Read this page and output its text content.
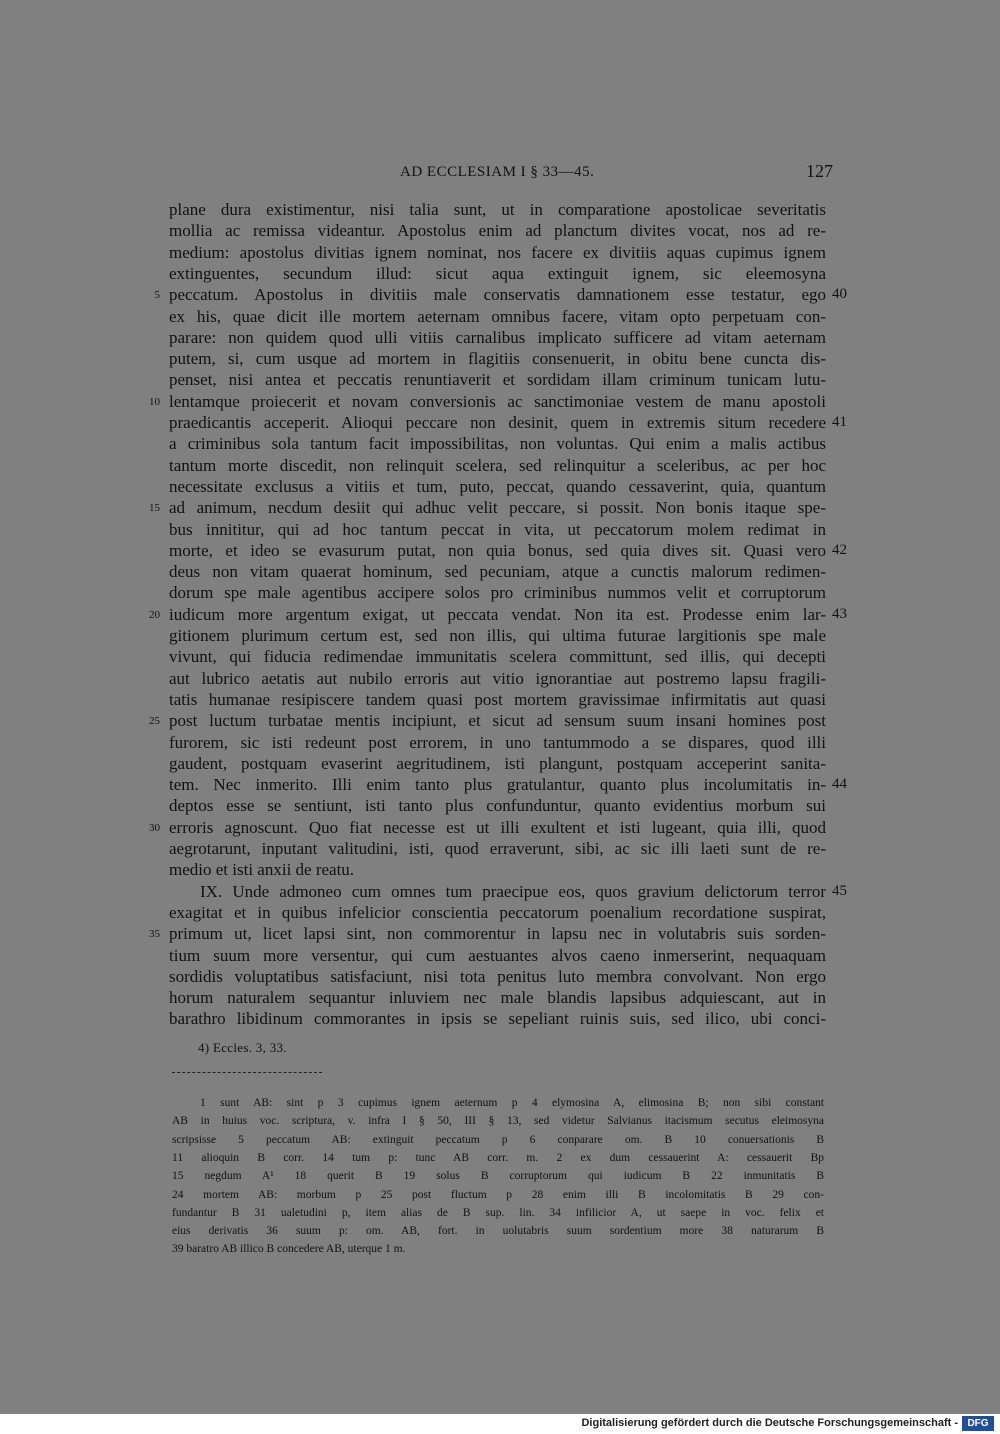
AD ECCLESIAM I § 33—45.	127
plane dura existimentur, nisi talia sunt, ut in comparatione apostolicae severitatis
mollia ac remissa videantur. Apostolus enim ad planctum divites vocat, nos ad re-
medium: apostolus divitias ignem nominat, nos facere ex divitiis aquas cupimus ignem
extinguentes, secundum illud: sicut aqua extinguit ignem, sic eleemosyna
peccatum. Apostolus in divitiis male conservatis damnationem esse testatur, ego
5	40
ex his, quae dicit ille mortem aeternam omnibus facere, vitam opto perpetuam con-
parare: non quidem quod ulli vitiis carnalibus implicato sufficere ad vitam aeternam
putem, si, cum usque ad mortem in flagitiis consenuerit, in obitu bene cuncta dis-
penset, nisi antea et peccatis renuntiaverit et sordidam illam criminum tunicam lutu-
lentamque proiecerit et novam conversionis ac sanctimoniae vestem de manu apostoli
10
praedicantis acceperit. Alioqui peccare non desinit, quem in extremis situm recedere 41
a criminibus sola tantum facit impossibilitas, non voluntas. Qui enim a malis actibus
tantum morte discedit, non relinquit scelera, sed relinquitur a sceleribus, ac per hoc
necessitate exclusus a vitiis et tum, puto, peccat, quando cessaverint, quia, quantum
ad animum, necdum desiit qui adhuc velit peccare, si possit. Non bonis itaque spe-
15
bus innititur, qui ad hoc tantum peccat in vita, ut peccatorum molem redimat in
morte, et ideo se evasurum putat, non quia bonus, sed quia dives sit. Quasi vero 42
deus non vitam quaerat hominum, sed pecuniam, atque a cunctis malorum redimen-
dorum spe male agentibus accipere solos pro criminibus nummos velit et corruptorum
iudicum more argentum exigat, ut peccata vendat. Non ita est. Prodesse enim lar-
20	43
gitionem plurimum certum est, sed non illis, qui ultima futurae largitionis spe male
vivunt, qui fiducia redimendae immunitatis scelera committunt, sed illis, qui decepti
aut lubrico aetatis aut nubilo erroris aut vitio ignorantiae aut postremo lapsu fragili-
tatis humanae resipiscere tandem quasi post mortem gravissimae infirmitatis aut quasi
post luctum turbatae mentis incipiunt, et sicut ad sensum suum insani homines post
25
furorem, sic isti redeunt post errorem, in uno tantummodo a se dispares, quod illi
gaudent, postquam evaserint aegritudinem, isti plangunt, postquam acceperint sanita-
tem. Nec inmerito. Illi enim tanto plus gratulantur, quanto plus incolumitatis in- 44
deptos esse se sentiunt, isti tanto plus confunduntur, quanto evidentius morbum sui
erroris agnoscunt. Quo fiat necesse est ut illi exultent et isti lugeant, quia illi, quod
30
aegrotarunt, inputant valitudini, isti, quod erraverunt, sibi, ac sic illi laeti sunt de re-
medio et isti anxii de reatu.
IX. Unde admoneo cum omnes tum praecipue eos, quos gravium delictorum terror 45
exagitat et in quibus infelicior conscientia peccatorum poenalium recordatione suspirat,
primum ut, licet lapsi sint, non commorentur in lapsu nec in volutabris suis sorden-
35
tium suum more versentur, qui cum aestuantes alvos caeno inmerserint, nequaquam
sordidis voluptatibus satisfaciunt, nisi tota penitus luto membra convolvant. Non ergo
horum naturalem sequantur inluviem nec male blandis lapsibus adquiescant, aut in
barathro libidinum commorantes in ipsis se sepeliant ruinis suis, sed ilico, ubi conci-
4) Eccles. 3, 33.
1 sunt AB: sint p 3 cupimus ignem aeternum p 4 elymosina A, elimosina B; non sibi constant
AB in huius voc. scriptura, v. infra I § 50, III § 13, sed videtur Salvianus itacismum secutus eleimosyna
scripsisse 5 peccatum AB: extinguit peccatum p 6 conparare om. B 10 conuersationis B
11 alioquin B corr. 14 tum p: tunc AB corr. m. 2 ex dum cessauerint A: cessauerit Bp
15 negdum A¹ 18 querit B 19 solus B corruptorum qui iudicum B 22 inmunitatis B
24 mortem AB: morbum p 25 post fluctum p 28 enim illi B incolomitatis B 29 con-
fundantur B 31 ualetudini p, item alias de B sup. lin. 34 infilicior A, ut saepe in voc. felix et
eius derivatis 36 suum p: om. AB, fort. in uolutabris suum sordentium more 38 naturarum B
39 baratro AB illico B concedere AB, uterque 1 m.
Digitalisierung gefördert durch die Deutsche Forschungsgemeinschaft - DFG
